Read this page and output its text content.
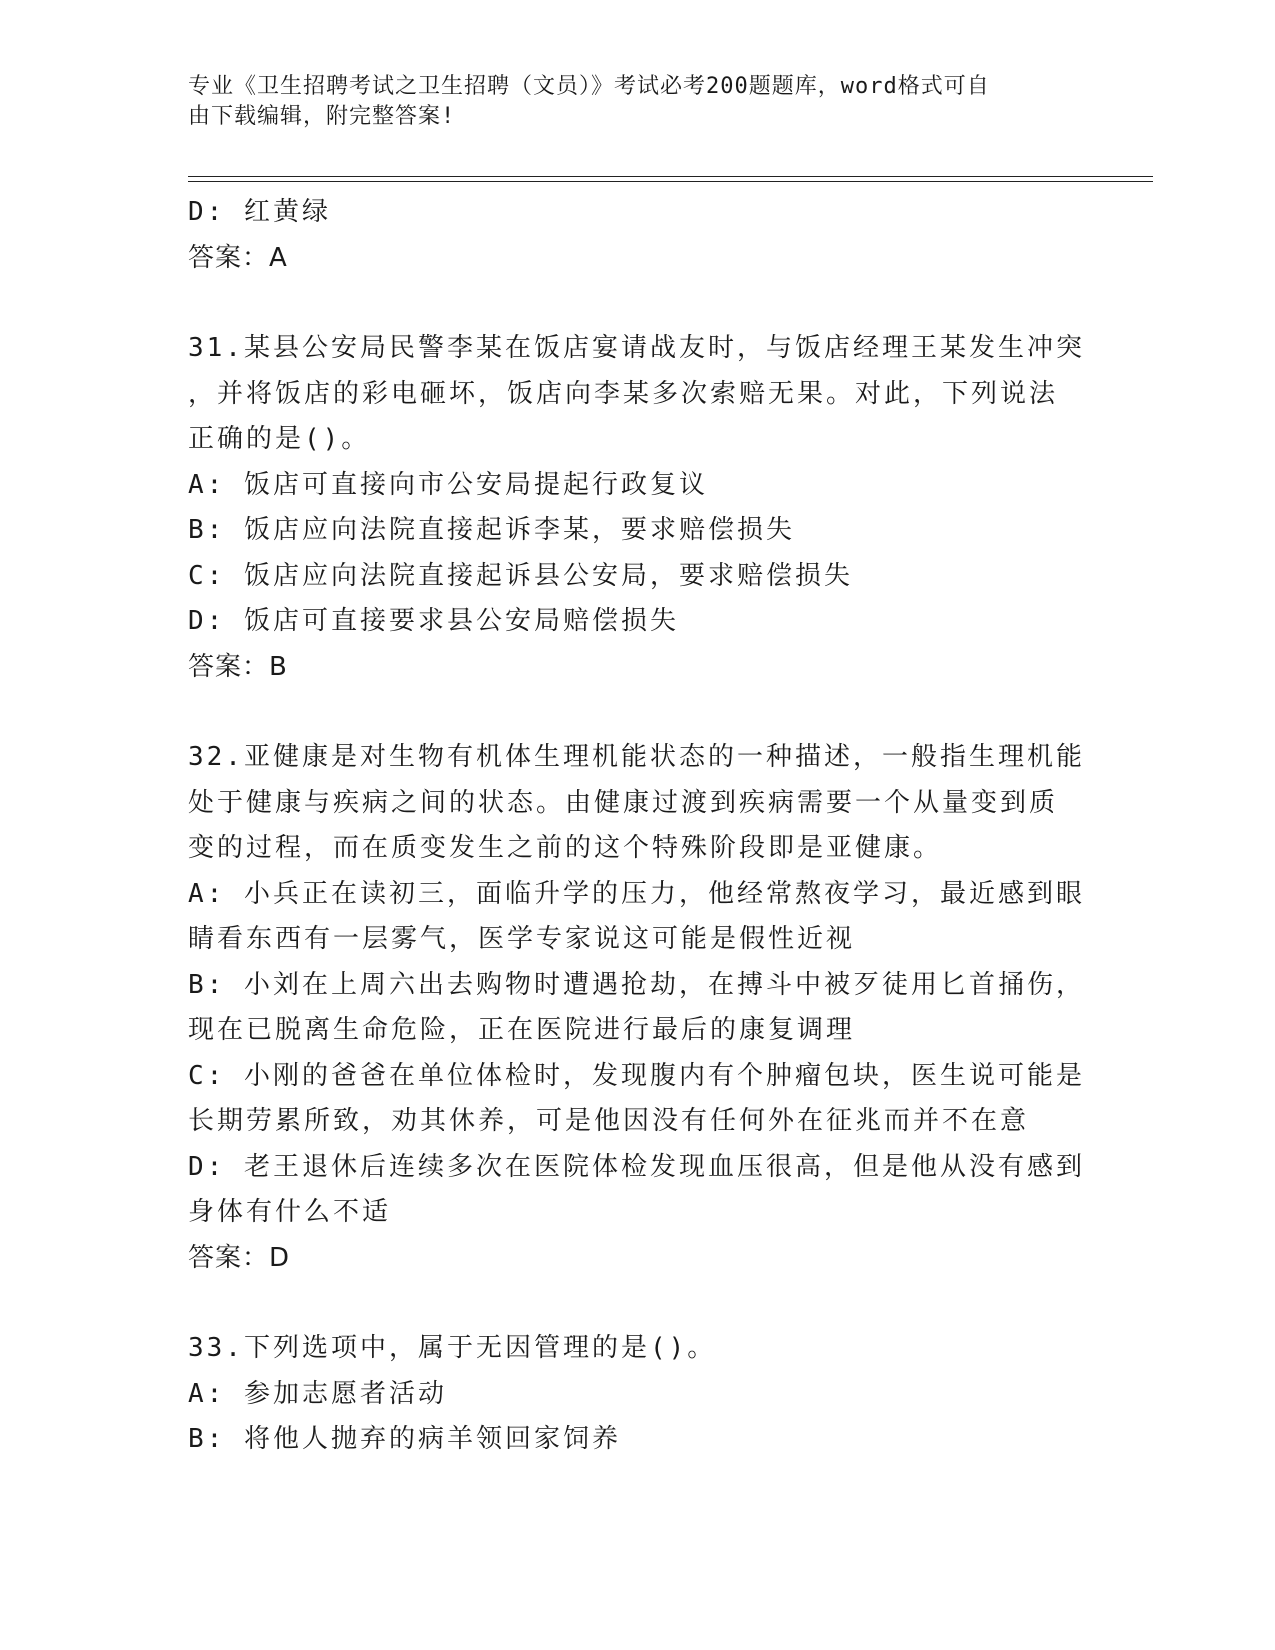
专业《卫生招聘考试之卫生招聘（文员）》考试必考200题题库，word格式可自
由下载编辑，附完整答案!
D: 红黄绿
答案：A
31.某县公安局民警李某在饭店宴请战友时，与饭店经理王某发生冲突
，并将饭店的彩电砸坏，饭店向李某多次索赔无果。对此，下列说法
正确的是()。
A: 饭店可直接向市公安局提起行政复议
B: 饭店应向法院直接起诉李某，要求赔偿损失
C: 饭店应向法院直接起诉县公安局，要求赔偿损失
D: 饭店可直接要求县公安局赔偿损失
答案：B
32.亚健康是对生物有机体生理机能状态的一种描述，一般指生理机能
处于健康与疾病之间的状态。由健康过渡到疾病需要一个从量变到质
变的过程，而在质变发生之前的这个特殊阶段即是亚健康。
A: 小兵正在读初三，面临升学的压力，他经常熬夜学习，最近感到眼
睛看东西有一层雾气，医学专家说这可能是假性近视
B: 小刘在上周六出去购物时遭遇抢劫，在搏斗中被歹徒用匕首捅伤，
现在已脱离生命危险，正在医院进行最后的康复调理
C: 小刚的爸爸在单位体检时，发现腹内有个肿瘤包块，医生说可能是
长期劳累所致，劝其休养，可是他因没有任何外在征兆而并不在意
D: 老王退休后连续多次在医院体检发现血压很高，但是他从没有感到
身体有什么不适
答案：D
33.下列选项中，属于无因管理的是()。
A: 参加志愿者活动
B: 将他人抛弃的病羊领回家饲养
